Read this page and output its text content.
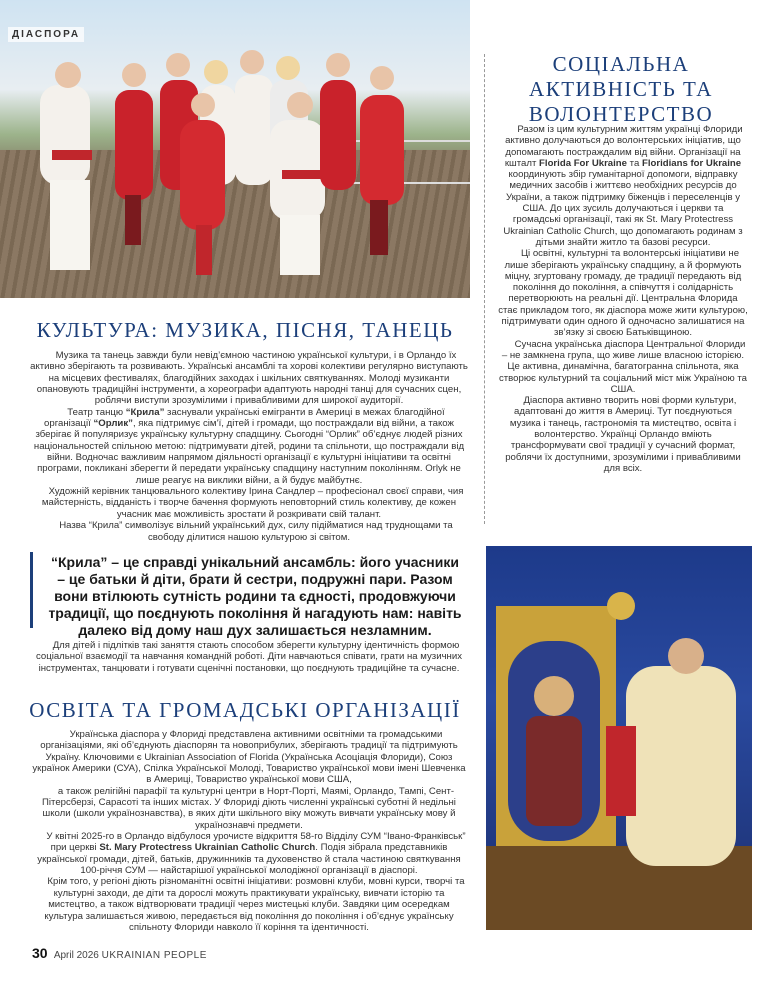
ДІАСПОРА
СОЦІАЛЬНА АКТИВНІСТЬ ТА ВОЛОНТЕРСТВО

Разом із цим культурним життям українці Флориди активно долучаються до волонтерських ініціатив, що допомагають постраждалим від війни. Організації на кшталт Florida For Ukraine та Floridians for Ukraine координують збір гуманітарної допомоги, відправку медичних засобів і життєво необхідних ресурсів до України, а також підтримку біженців і переселенців у США. До цих зусиль долучаються і церкви та громадські організації, такі як St. Mary Protectress Ukrainian Catholic Church, що допомагають родинам з дітьми знайти житло та базові ресурси.

Ці освітні, культурні та волонтерські ініціативи не лише зберігають українську спадщину, а й формують міцну, згуртовану громаду, де традиції передають від покоління до покоління, а співчуття і солідарність перетворюють на реальні дії. Центральна Флорида стає прикладом того, як діаспора може жити культурою, підтримувати один одного й одночасно залишатися на зв’язку зі своєю Батьківщиною.

Сучасна українська діаспора Центральної Флориди – не замкнена група, що живе лише власною історією. Це активна, динамічна, багатогранна спільнота, яка створює культурний та соціальний міст між Україною та США.

Діаспора активно творить нові форми культури, адаптовані до життя в Америці. Тут поєднуються музика і танець, гастрономія та мистецтво, освіта і волонтерство. Українці Орландо вміють трансформувати свої традиції у сучасний формат, роблячи їх доступними, зрозумілими і привабливими для всіх.

КУЛЬТУРА: МУЗИКА, ПІСНЯ, ТАНЕЦЬ

Музика та танець завжди були невід’ємною частиною української культури, і в Орландо їх активно зберігають та розвивають. Українські ансамблі та хорові колективи регулярно виступають на місцевих фестивалях, благодійних заходах і шкільних святкуваннях. Молоді музиканти опановують традиційні інструменти, а хореографи адаптують народні танці для сучасних сцен, роблячи виступи зрозумілими і привабливими для широкої аудиторії.

Театр танцю “Крила” заснували українські емігранти в Америці в межах благодійної організації “Орлик”, яка підтримує сім’ї, дітей і громади, що постраждали від війни, а також зберігає й популяризує українську культурну спадщину. Сьогодні “Орлик” об’єднує людей різних національностей спільною метою: підтримувати дітей, родини та спільноти, що постраждали від війни. Водночас важливим напрямом діяльності організації є культурні ініціативи та освітні програми, покликані зберегти й передати українську спадщину наступним поколінням. Orlyk не лише реагує на виклики війни, а й будує майбутнє.

Художній керівник танцювального колективу Ірина Сандлер – професіонал своєї справи, чия майстерність, відданість і творче бачення формують неповторний стиль колективу, де кожен учасник має можливість зростати й розкривати свій талант.

Назва “Крила” символізує вільний український дух, силу підійматися над труднощами та свободу ділитися нашою культурою зі світом.

“Крила” – це справді унікальний ансамбль: його учасники – це батьки й діти, брати й сестри, подружні пари. Разом вони втілюють сутність родини та єдності, продовжуючи традиції, що поєднують покоління й нагадують нам: навіть далеко від дому наш дух залишається незламним.

Для дітей і підлітків такі заняття стають способом зберегти культурну ідентичність формою соціальної взаємодії та навчання командній роботі. Діти навчаються співати, грати на музичних інструментах, танцювати і готувати сценічні постановки, що поєднують традиційне та сучасне.

ОСВІТА ТА ГРОМАДСЬКІ ОРГАНІЗАЦІЇ

Українська діаспора у Флориді представлена активними освітніми та громадськими організаціями, які об’єднують діаспорян та новоприбулих, зберігають традиції та підтримують Україну. Ключовими є Ukrainian Association of Florida (Українська Асоціація Флориди), Союз українок Америки (СУА), Спілка Української Молоді, Товариство української мови імені Шевченка в Америці, Товариство української мови США,

а також релігійні парафії та культурні центри в Норт-Порті, Маямі, Орландо, Тампі, Сент-Пітерсберзі, Сарасоті та інших містах. У Флориді діють численні українські суботні й недільні школи (школи українознавства), в яких діти шкільного віку можуть вивчати українську мову й українознавчі предмети.

У квітні 2025-го в Орландо відбулося урочисте відкриття 58-го Відділу СУМ “Івано-Франківськ” при церкві St. Mary Protectress Ukrainian Catholic Church. Подія зібрала представників української громади, дітей, батьків, дружинників та духовенство й стала частиною святкування 100-річчя СУМ — найстарішої української молодіжної організації в діаспорі.

Крім того, у регіоні діють різноманітні освітні ініціативи: розмовні клуби, мовні курси, творчі та культурні заходи, де діти та дорослі можуть практикувати українську, вивчати історію та мистецтво, а також відтворювати традиції через мистецькі клуби. Завдяки цим осередкам культура залишається живою, передається від покоління до покоління і об’єднує українську спільноту Флориди навколо її коріння та ідентичності.

30 April 2026 UKRAINIAN PEOPLE
